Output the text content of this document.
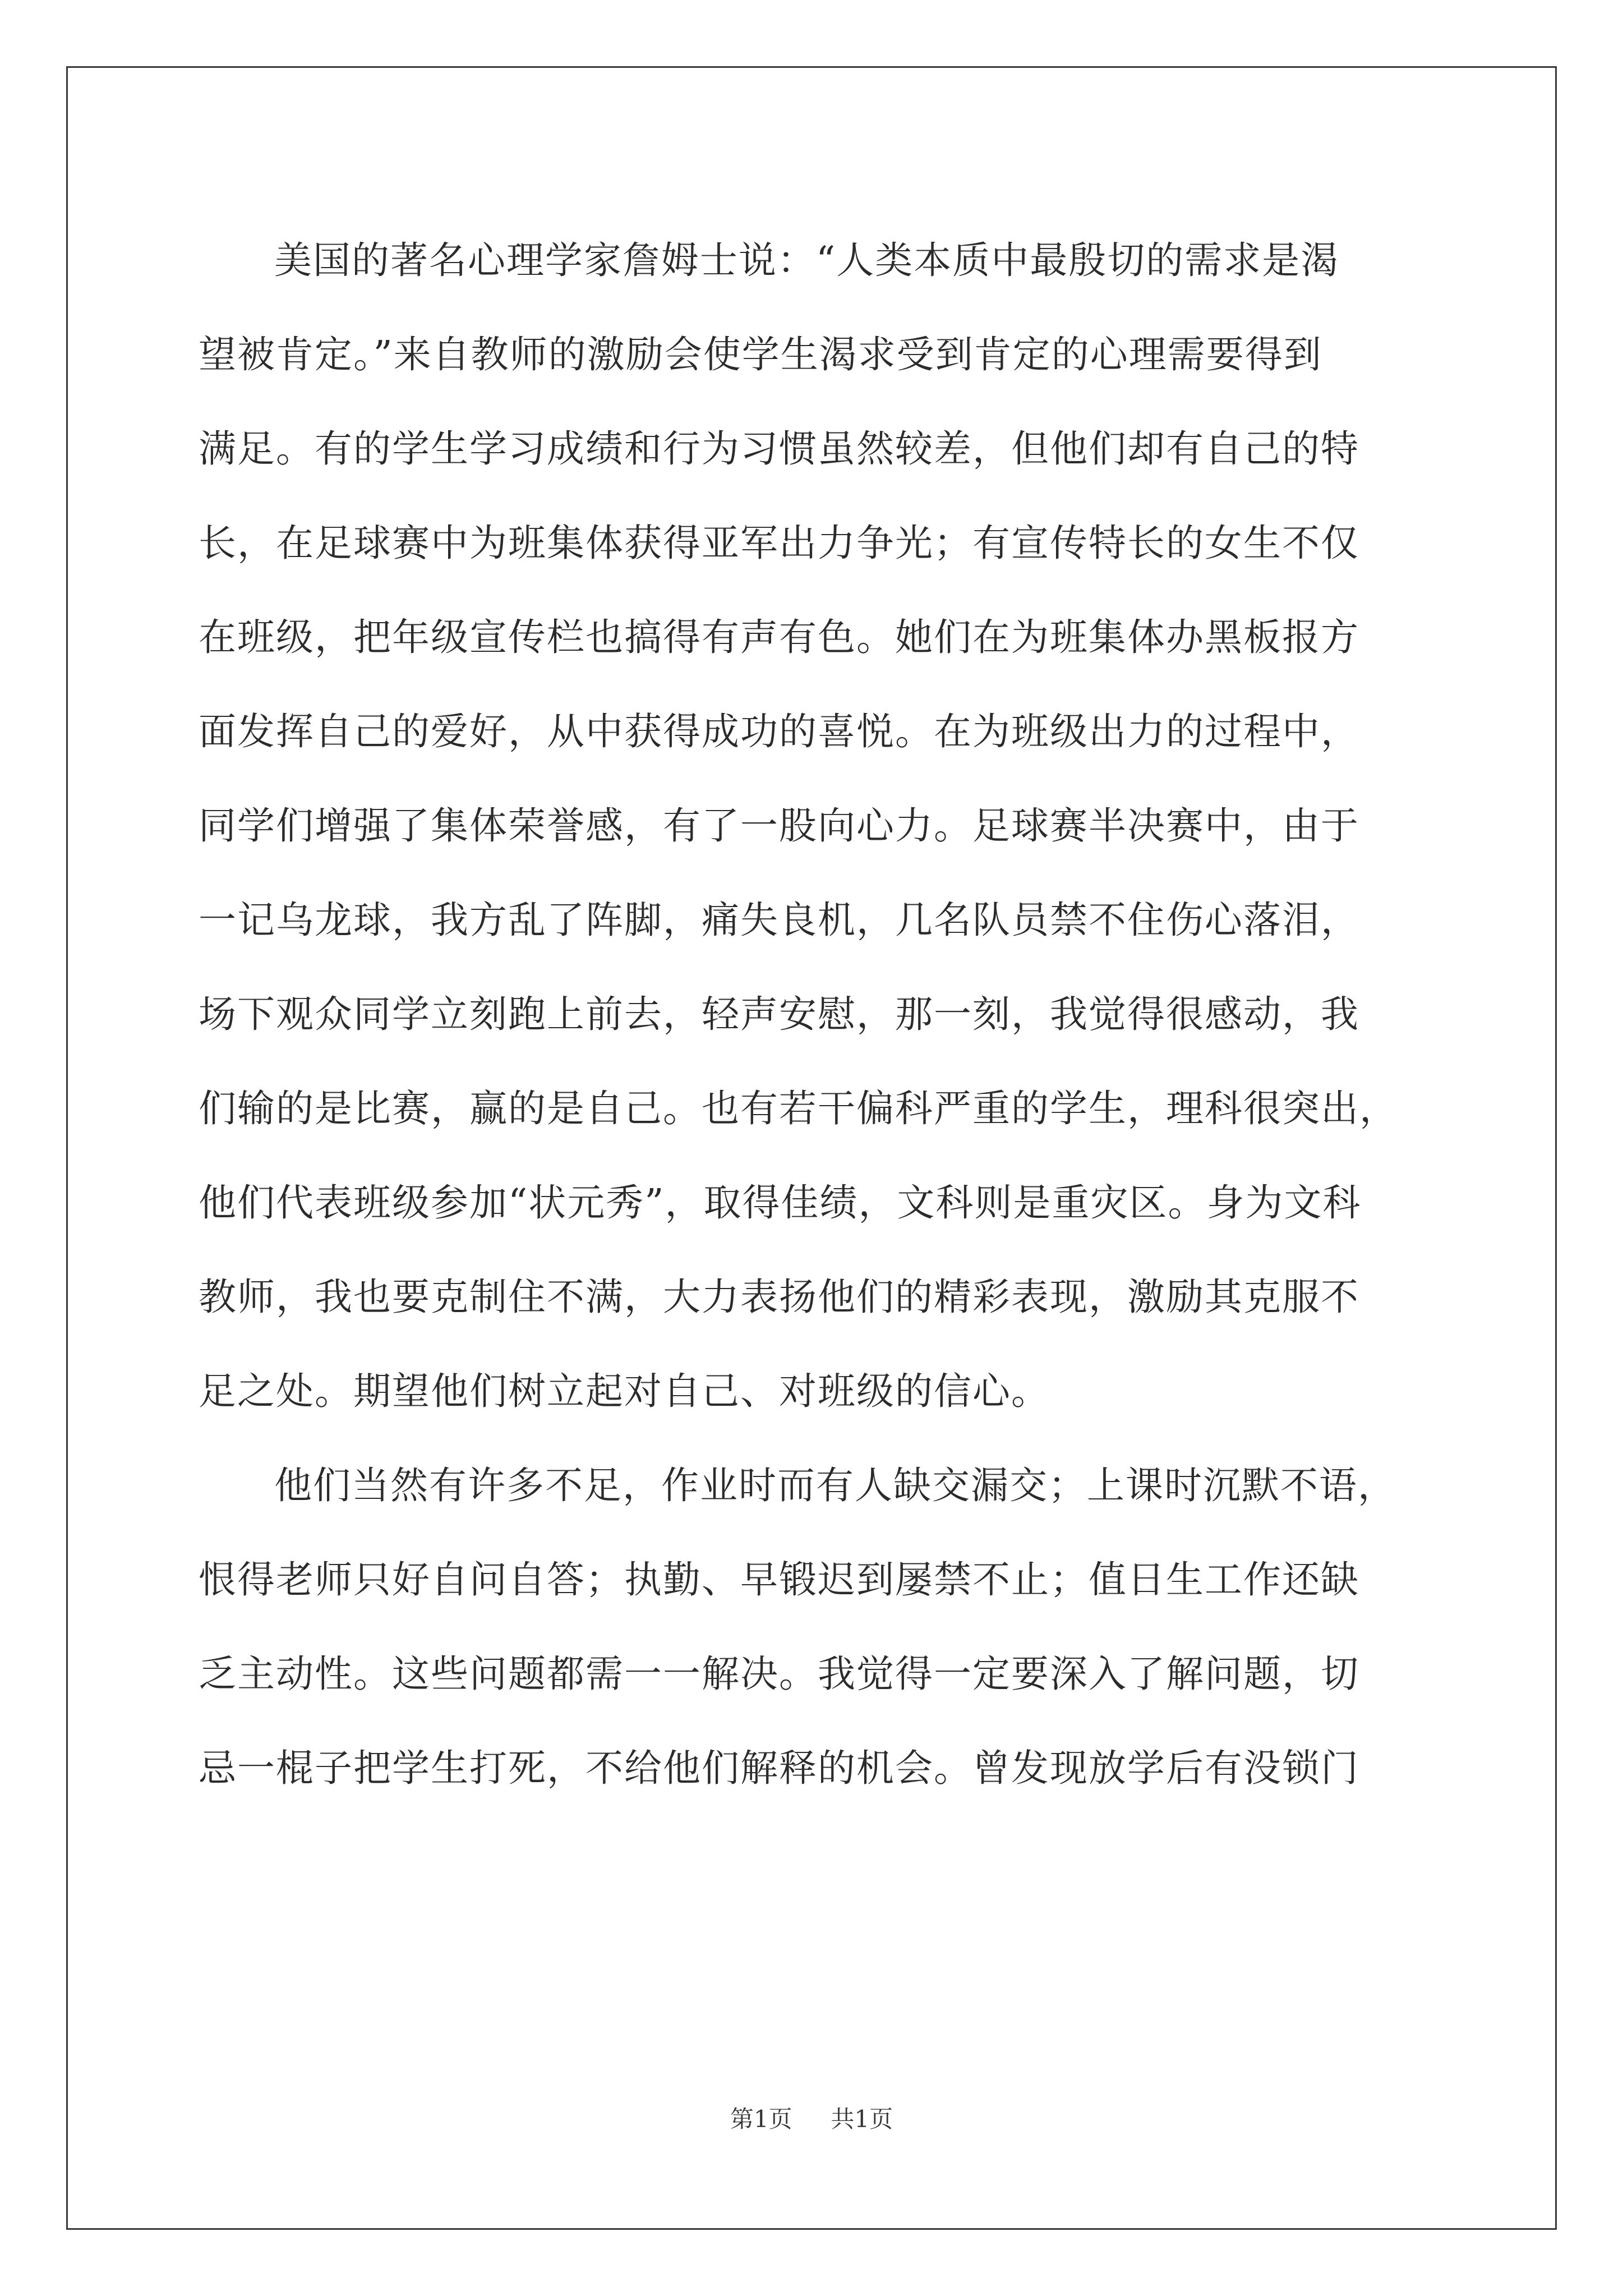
美国的著名心理学家詹姆士说：“人类本质中最殷切的需求是渴
望被肯定。”来自教师的激励会使学生渴求受到肯定的心理需要得到
满足。有的学生学习成绩和行为习惯虽然较差，但他们却有自己的特
长，在足球赛中为班集体获得亚军出力争光；有宣传特长的女生不仅
在班级，把年级宣传栏也搞得有声有色。她们在为班集体办黑板报方
面发挥自己的爱好，从中获得成功的喜悦。在为班级出力的过程中，
同学们增强了集体荣誉感，有了一股向心力。足球赛半决赛中，由于
一记乌龙球，我方乱了阵脚，痛失良机，几名队员禁不住伤心落泪，
场下观众同学立刻跑上前去，轻声安慰，那一刻，我觉得很感动，我
们输的是比赛，赢的是自己。也有若干偏科严重的学生，理科很突出，
他们代表班级参加“状元秀”，取得佳绩，文科则是重灾区。身为文科
教师，我也要克制住不满，大力表扬他们的精彩表现，激励其克服不
足之处。期望他们树立起对自己、对班级的信心。

他们当然有许多不足，作业时而有人缺交漏交；上课时沉默不语，
恨得老师只好自问自答；执勤、早锻迟到屡禁不止；值日生工作还缺
乏主动性。这些问题都需一一解决。我觉得一定要深入了解问题，切
忌一棍子把学生打死，不给他们解释的机会。曾发现放学后有没锁门

第1页 共1页
